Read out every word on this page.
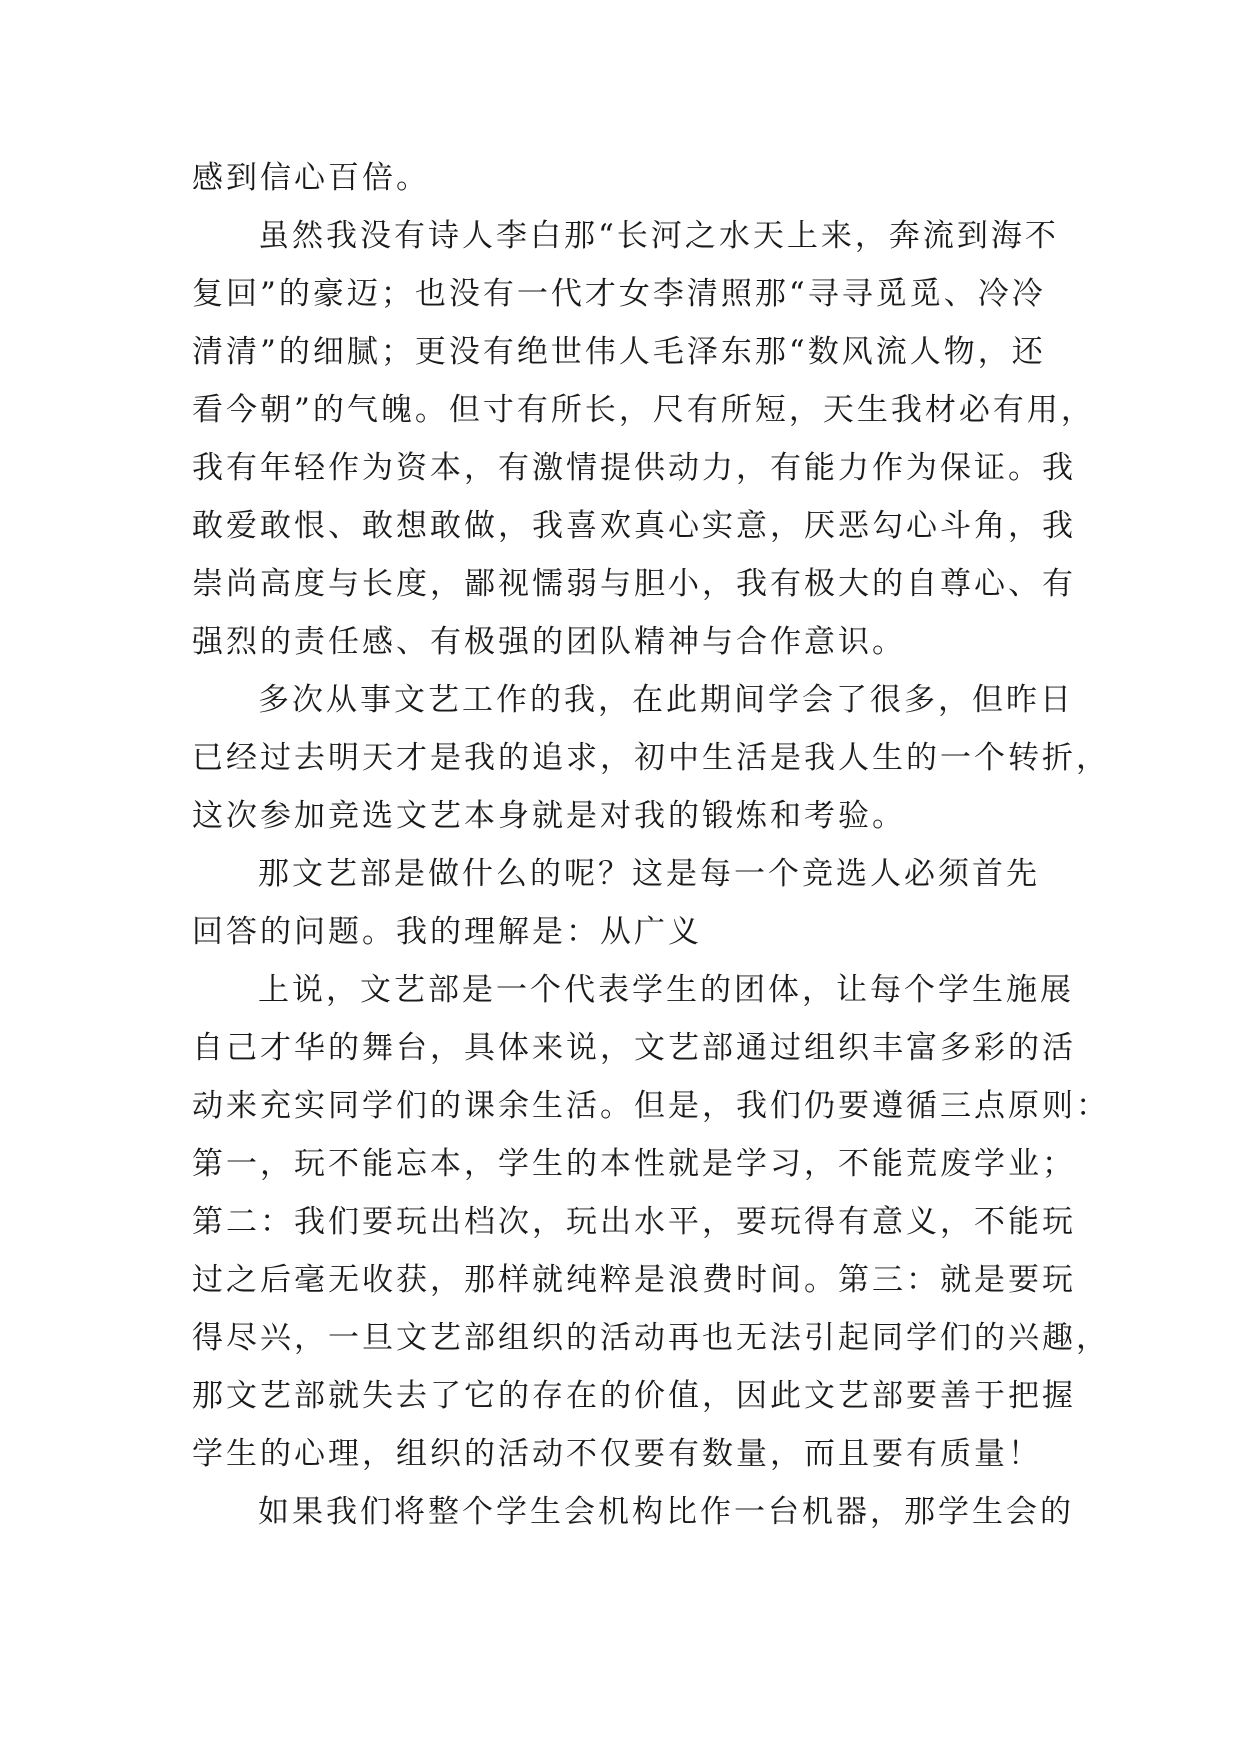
感到信心百倍。
虽然我没有诗人李白那“长河之水天上来，奔流到海不
复回”的豪迈；也没有一代才女李清照那“寻寻觅觅、冷冷
清清”的细腻；更没有绝世伟人毛泽东那“数风流人物，还
看今朝”的气魄。但寸有所长，尺有所短，天生我材必有用，
我有年轻作为资本，有激情提供动力，有能力作为保证。我
敢爱敢恨、敢想敢做，我喜欢真心实意，厌恶勾心斗角，我
崇尚高度与长度，鄙视懦弱与胆小，我有极大的自尊心、有
强烈的责任感、有极强的团队精神与合作意识。
多次从事文艺工作的我，在此期间学会了很多，但昨日
已经过去明天才是我的追求，初中生活是我人生的一个转折，
这次参加竞选文艺本身就是对我的锻炼和考验。
那文艺部是做什么的呢？这是每一个竞选人必须首先
回答的问题。我的理解是：从广义
上说，文艺部是一个代表学生的团体，让每个学生施展
自己才华的舞台，具体来说，文艺部通过组织丰富多彩的活
动来充实同学们的课余生活。但是，我们仍要遵循三点原则：
第一，玩不能忘本，学生的本性就是学习，不能荒废学业；
第二：我们要玩出档次，玩出水平，要玩得有意义，不能玩
过之后毫无收获，那样就纯粹是浪费时间。第三：就是要玩
得尽兴，一旦文艺部组织的活动再也无法引起同学们的兴趣，
那文艺部就失去了它的存在的价值，因此文艺部要善于把握
学生的心理，组织的活动不仅要有数量，而且要有质量！
如果我们将整个学生会机构比作一台机器，那学生会的
